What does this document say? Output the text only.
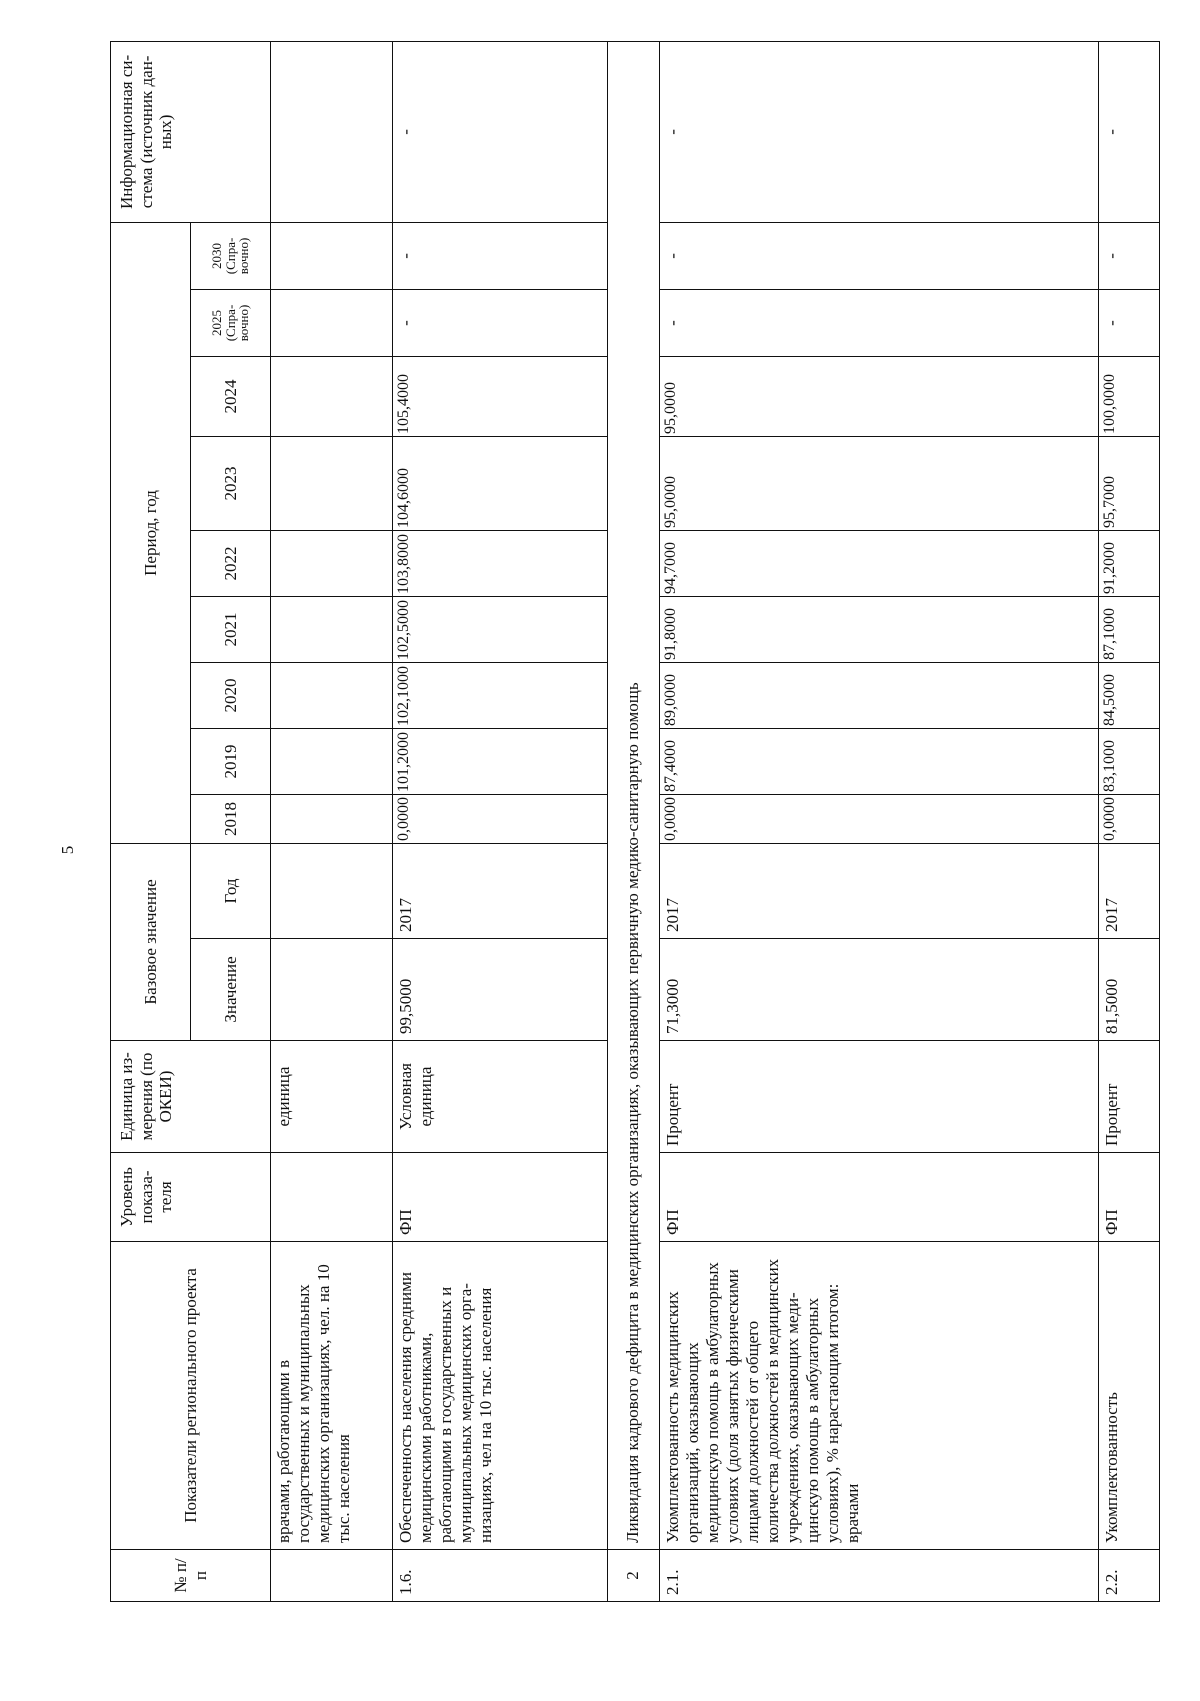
5
№ п/п	Показатели регионального проекта	Уровень показателя	Единица измерения (по ОКЕИ)	Базовое значение		Период, год									Информационная система (источник данных)
				Значение	Год	2018	2019	2020	2021	2022	2023	2024	2025 (Справочно)	2030 (Справочно)	
	врачами, работающими в государственных и муниципальных медицинских организациях, чел. на 10 тыс. населения		единица												
1.6.	Обеспеченность населения средними медицинскими работниками, работающими в государственных и муниципальных медицинских организациях, чел на 10 тыс. населения	ФП	Условная единица	99,5000	2017	0,0000	101,2000	102,1000	102,5000	103,8000	104,6000	105,4000	-	-	-
2	Ликвидация кадрового дефицита в медицинских организациях, оказывающих первичную медико-санитарную помощь														
2.1.	Укомплектованность медицинских организаций, оказывающих медицинскую помощь в амбулаторных условиях (доля занятых физическими лицами должностей от общего количества должностей в медицинских учреждениях, оказывающих медицинскую помощь в амбулаторных условиях), % нарастающим итогом: врачами	ФП	Процент	71,3000	2017	0,0000	87,4000	89,0000	91,8000	94,7000	95,0000	95,0000	-	-	-
2.2.	Укомплектованность	ФП	Процент	81,5000	2017	0,0000	83,1000	84,5000	87,1000	91,2000	95,7000	100,0000	-	-	-
